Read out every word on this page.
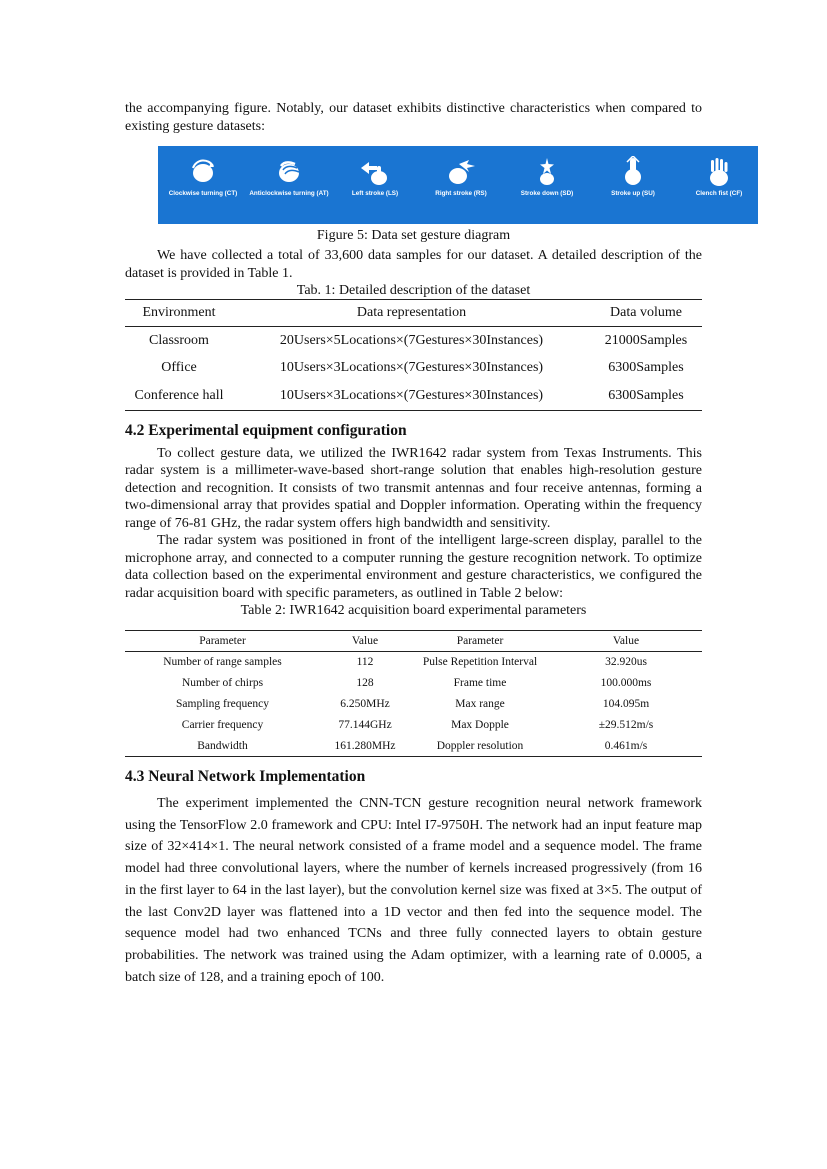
the accompanying figure. Notably, our dataset exhibits distinctive characteristics when compared to existing gesture datasets:

Clockwise turning (CT)	Anticlockwise turning (AT)	Left stroke (LS)	Right stroke (RS)	Stroke down (SD)	Stroke up (SU)	Clench fist (CF)
Figure 5: Data set gesture diagram

We have collected a total of 33,600 data samples for our dataset. A detailed description of the dataset is provided in Table 1.

Tab. 1: Detailed description of the dataset
Environment	Data representation	Data volume
Classroom	20Users×5Locations×(7Gestures×30Instances)	21000Samples
Office	10Users×3Locations×(7Gestures×30Instances)	6300Samples
Conference hall	10Users×3Locations×(7Gestures×30Instances)	6300Samples
4.2 Experimental equipment configuration

To collect gesture data, we utilized the IWR1642 radar system from Texas Instruments. This radar system is a millimeter-wave-based short-range solution that enables high-resolution gesture detection and recognition. It consists of two transmit antennas and four receive antennas, forming a two-dimensional array that provides spatial and Doppler information. Operating within the frequency range of 76-81 GHz, the radar system offers high bandwidth and sensitivity.

The radar system was positioned in front of the intelligent large-screen display, parallel to the microphone array, and connected to a computer running the gesture recognition network. To optimize data collection based on the experimental environment and gesture characteristics, we configured the radar acquisition board with specific parameters, as outlined in Table 2 below:

Table 2: IWR1642 acquisition board experimental parameters
Parameter	Value	Parameter	Value
Number of range samples	112	Pulse Repetition Interval	32.920us
Number of chirps	128	Frame time	100.000ms
Sampling frequency	6.250MHz	Max range	104.095m
Carrier frequency	77.144GHz	Max Dopple	±29.512m/s
Bandwidth	161.280MHz	Doppler resolution	0.461m/s
4.3 Neural Network Implementation

The experiment implemented the CNN-TCN gesture recognition neural network framework using the TensorFlow 2.0 framework and CPU: Intel I7-9750H. The network had an input feature map size of 32×414×1. The neural network consisted of a frame model and a sequence model. The frame model had three convolutional layers, where the number of kernels increased progressively (from 16 in the first layer to 64 in the last layer), but the convolution kernel size was fixed at 3×5. The output of the last Conv2D layer was flattened into a 1D vector and then fed into the sequence model. The sequence model had two enhanced TCNs and three fully connected layers to obtain gesture probabilities. The network was trained using the Adam optimizer, with a learning rate of 0.0005, a batch size of 128, and a training epoch of 100.
